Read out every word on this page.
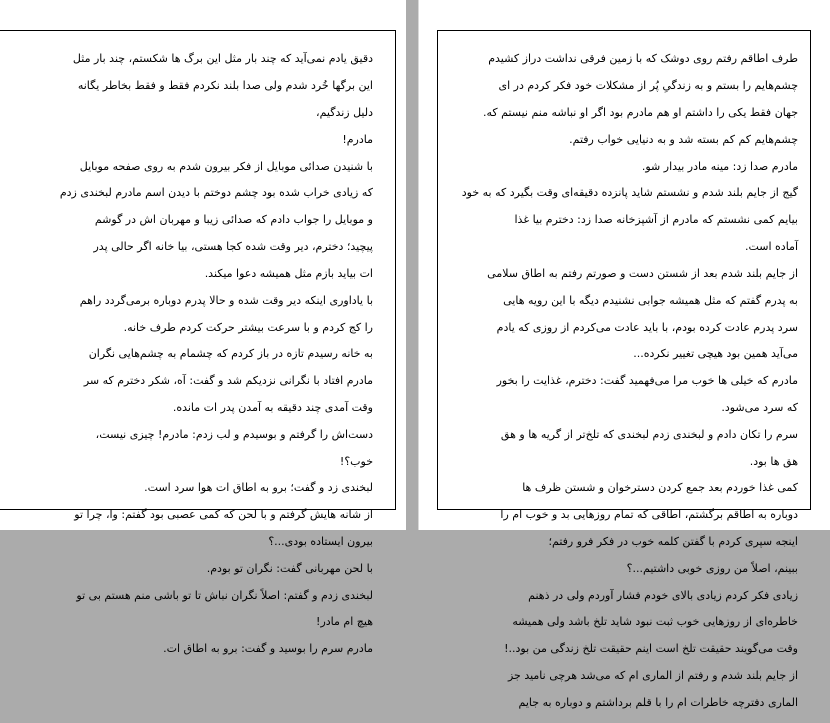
دقیق یادم نمی‌آید که چند بار مثل این برگ ها شکستم، چند بار مثل

این برگها خُرد شدم ولی صدا بلند نکردم فقط و فقط بخاطر یگانه

دلیل زندگیم،

مادرم!

با شنیدن صدائی موبایل از فکر بیرون شدم به روی صفحه موبایل

که زیادی خراب شده بود چشم دوختم با دیدن اسم مادرم لبخندی زدم

و موبایل را جواب دادم که صدائی زیبا و مهربان اش در گوشم

پیچید؛ دخترم، دیر وقت شده کجا هستی، بیا خانه اگر حالی پدر

ات بیاید بازم مثل همیشه دعوا میکند.

با یاداوری اینکه دیر وقت شده و حالا پدرم دوباره برمی‌گردد راهم

را کج کردم و با سرعت بیشتر حرکت کردم طرف خانه.

به خانه رسیدم تازه در باز کردم که چشمام به چشم‌هایی نگران

مادرم افتاد با نگرانی نزدیکم شد و گفت: آه، شکر دخترم که سر

وقت آمدی چند دقیقه به آمدن پدر ات مانده.

دست‌اش را گرفتم و بوسیدم و لب زدم: مادرم! چیزی نیست،

خوب؟!

لبخندی زد و گفت؛ برو به اطاق ات هوا سرد است.

از شانه هایش گرفتم و با لحن که کمی عصبی بود گفتم: وا، چرا تو

بیرون ایستاده بودی...؟

با لحن مهربانی گفت: نگران تو بودم.

لبخندی زدم و گفتم: اصلاً نگران نباش تا تو باشی منم هستم بی تو

هیچ ام مادر!

مادرم سرم را بوسید و گفت: برو به اطاق ات.

طرف اطاقم رفتم روی دوشک که با زمین فرقی نداشت دراز کشیدم

چشم‌هایم را بستم و به زندگیِ پُر از مشکلات خود فکر کردم در ای

جهان فقط یکی را داشتم او هم مادرم بود اگر او نباشه منم نیستم که.

چشم‌هایم کم کم بسته شد و به دنیایی خواب رفتم.

مادرم صدا زد: مینه مادر بیدار شو.

گیج از جایم بلند شدم و نشستم شاید پانزده دقیقه‌ای وقت بگیرد که به خود

بیایم کمی نشستم که مادرم از آشپزخانه صدا زد: دخترم بیا غذا

آماده است.

از جایم بلند شدم بعد از شستن دست و صورتم رفتم به اطاق سلامی

به پدرم گفتم که مثل همیشه جوابی نشنیدم دیگه با این رویه هایی

سرد پدرم عادت کرده بودم، با باید عادت می‌کردم از روزی که یادم

می‌آید همین بود هیچی تغییر نکرده...

مادرم که خیلی ها خوب مرا می‌فهمید گفت: دخترم، غذایت را بخور

که سرد می‌شود.

سرم را تکان دادم و لبخندی زدم لبخندی که تلخ‌تر از گریه ها و هق

هق ها بود.

کمی غذا خوردم بعد جمع کردن دسترخوان و شستن ظرف ها

دوباره به اطاقم برگشتم، اطاقی که تمام روزهایی بد و خوب ام را

اینجه سپری کردم با گفتن کلمه خوب در فکر فرو رفتم؛

ببینم، اصلاً من روزی خوبی داشتیم...؟

زیادی فکر کردم زیادی بالای خودم فشار آوردم ولی در ذهنم

خاطره‌ای از روزهایی خوب ثبت نبود شاید تلخ باشد ولی همیشه

وقت می‌گویند حقیقت تلخ است اینم حقیقت تلخ زندگی من بود..!

از جایم بلند شدم و رفتم از الماری ام که می‌شد هرچی نامید جز

الماری دفترچه خاطرات ام را با قلم برداشتم و دوباره به جایم
